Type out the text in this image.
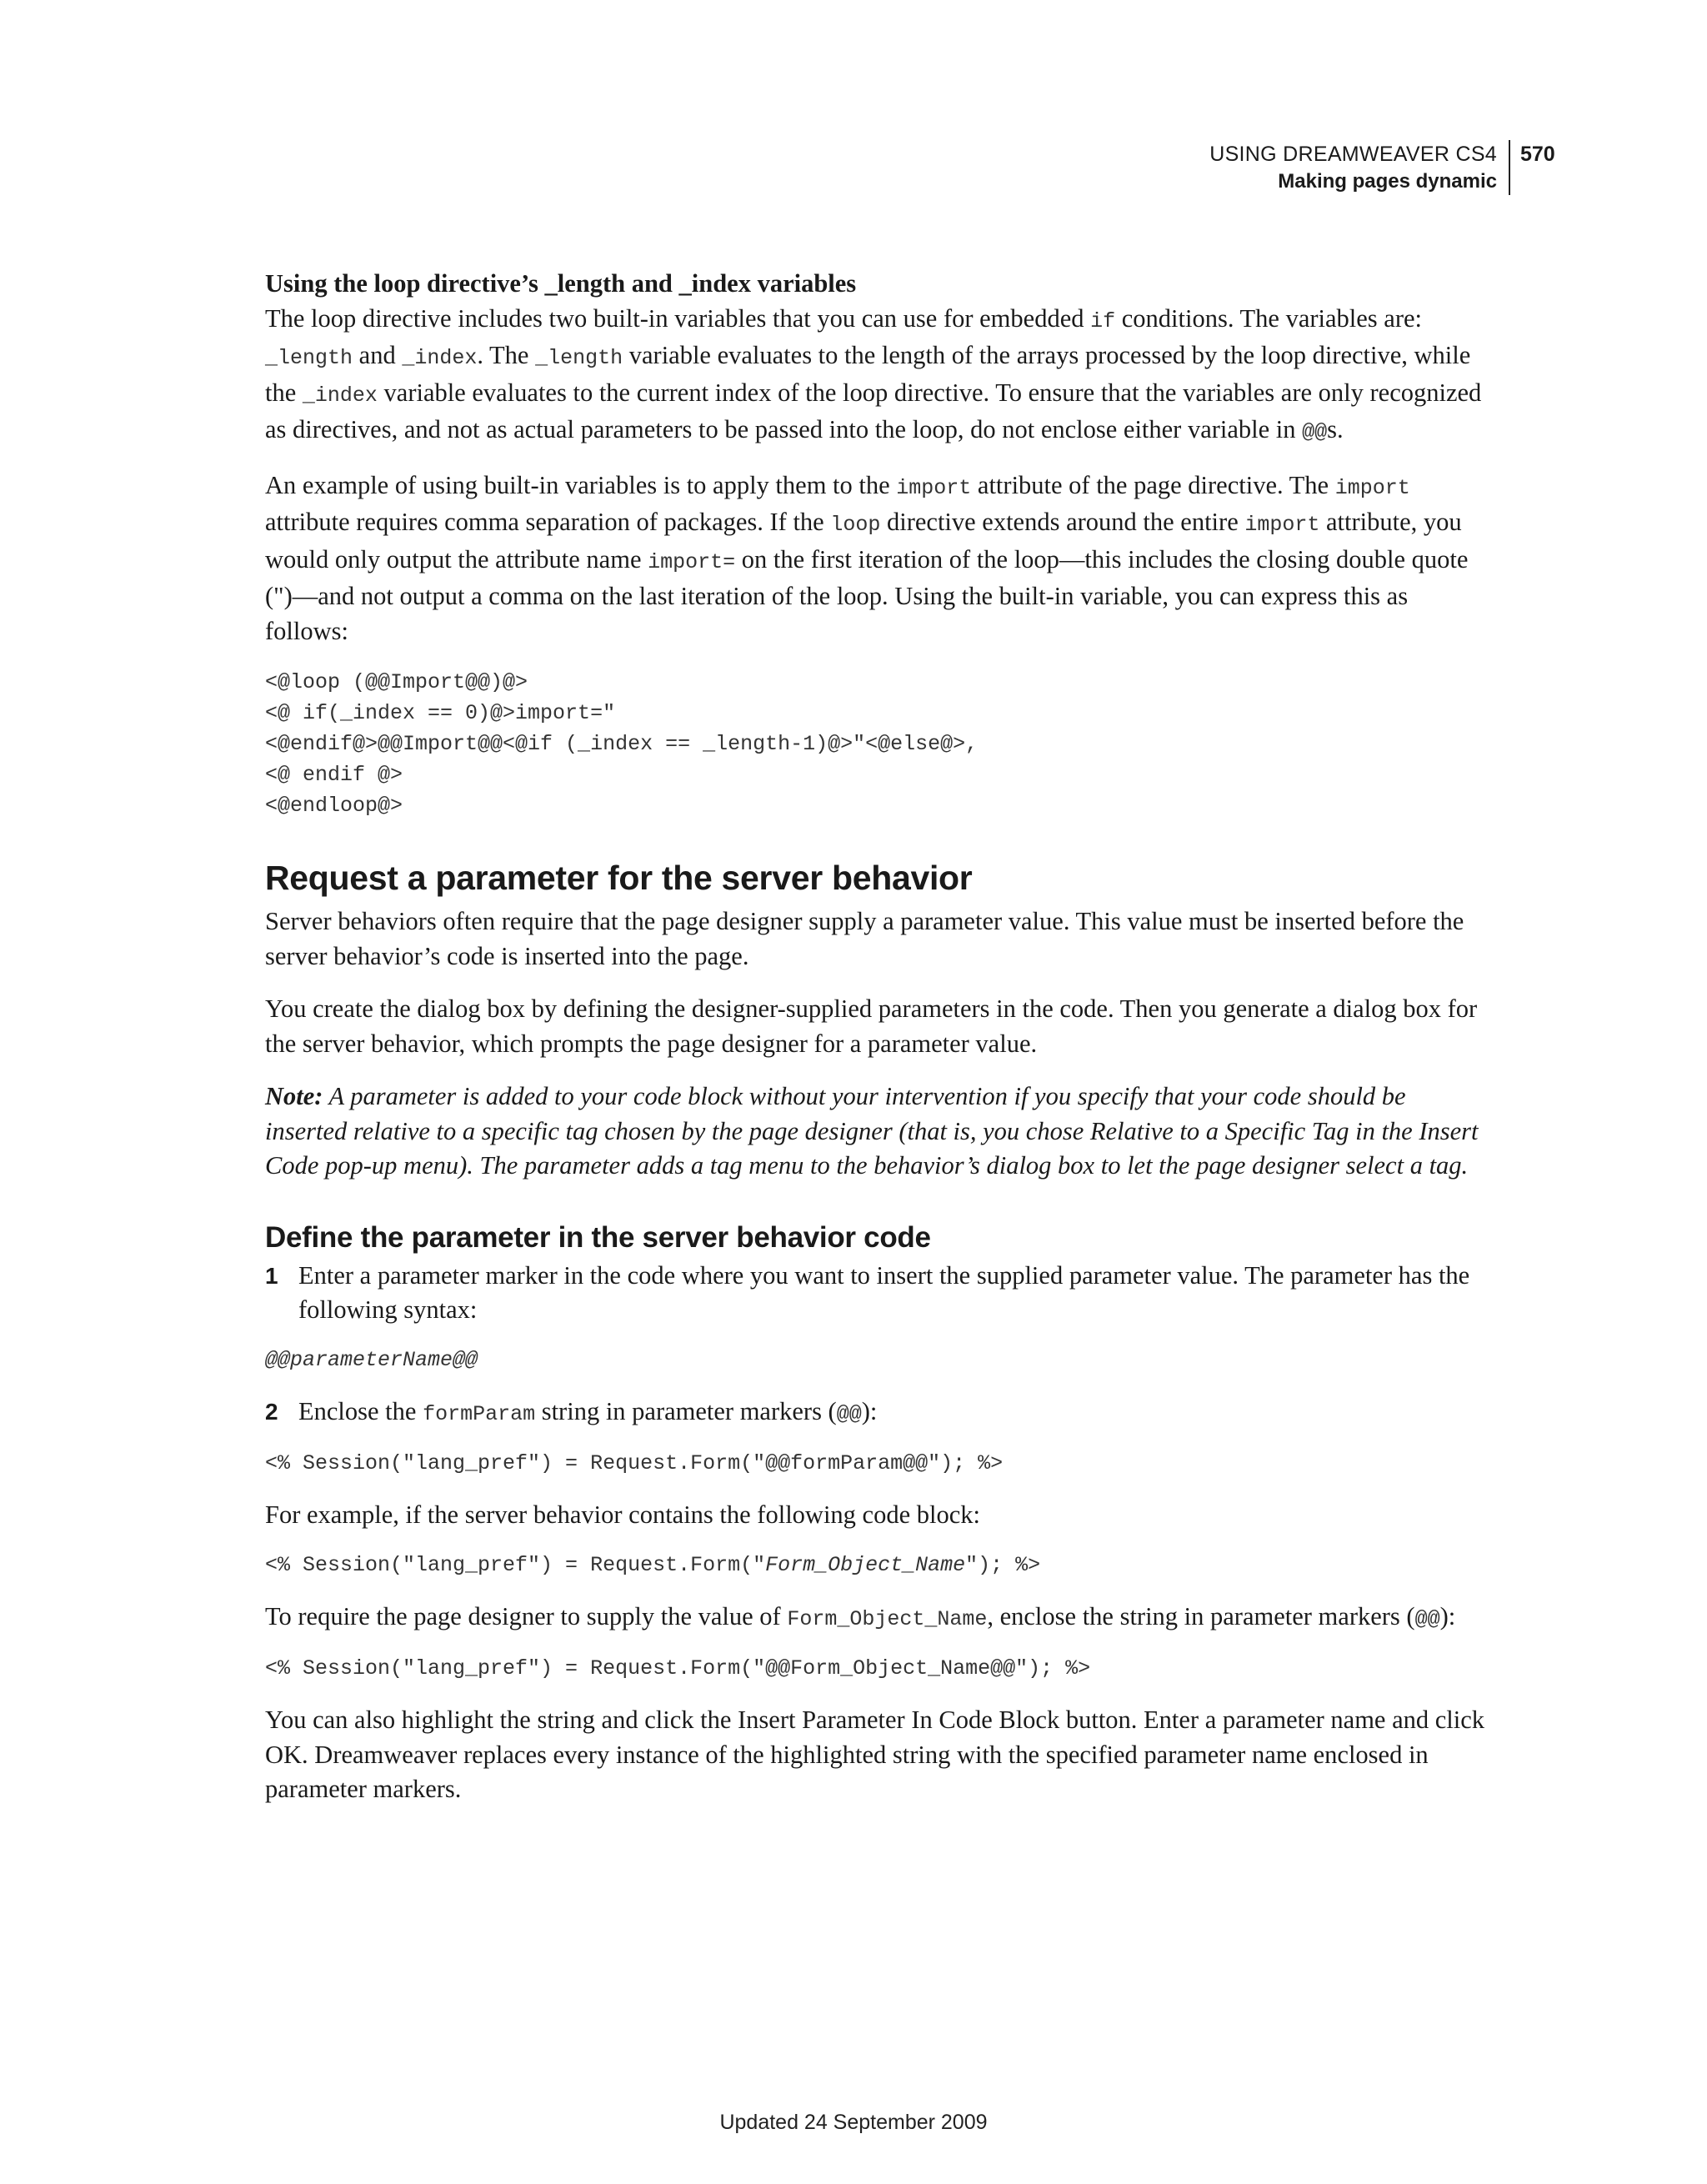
USING DREAMWEAVER CS4
Making pages dynamic
570
Using the loop directive’s _length and _index variables

The loop directive includes two built-in variables that you can use for embedded if conditions. The variables are: _length and _index. The _length variable evaluates to the length of the arrays processed by the loop directive, while the _index variable evaluates to the current index of the loop directive. To ensure that the variables are only recognized as directives, and not as actual parameters to be passed into the loop, do not enclose either variable in @@s.

An example of using built-in variables is to apply them to the import attribute of the page directive. The import attribute requires comma separation of packages. If the loop directive extends around the entire import attribute, you would only output the attribute name import= on the first iteration of the loop—this includes the closing double quote (")—and not output a comma on the last iteration of the loop. Using the built-in variable, you can express this as follows:

<@loop (@@Import@@)@>
<@ if(_index == 0)@>import="
<@endif@>@@Import@@<@if (_index == _length-1)@>"<@else@>,
<@ endif @>
<@endloop@>
Request a parameter for the server behavior

Server behaviors often require that the page designer supply a parameter value. This value must be inserted before the server behavior’s code is inserted into the page.

You create the dialog box by defining the designer-supplied parameters in the code. Then you generate a dialog box for the server behavior, which prompts the page designer for a parameter value.

Note: A parameter is added to your code block without your intervention if you specify that your code should be inserted relative to a specific tag chosen by the page designer (that is, you chose Relative to a Specific Tag in the Insert Code pop-up menu). The parameter adds a tag menu to the behavior’s dialog box to let the page designer select a tag.

Define the parameter in the server behavior code

1 Enter a parameter marker in the code where you want to insert the supplied parameter value. The parameter has the following syntax:

@@parameterName@@

2 Enclose the formParam string in parameter markers (@@):

<% Session("lang_pref") = Request.Form("@@formParam@@"); %>

For example, if the server behavior contains the following code block:

<% Session("lang_pref") = Request.Form("Form_Object_Name"); %>

To require the page designer to supply the value of Form_Object_Name, enclose the string in parameter markers (@@):

<% Session("lang_pref") = Request.Form("@@Form_Object_Name@@"); %>

You can also highlight the string and click the Insert Parameter In Code Block button. Enter a parameter name and click OK. Dreamweaver replaces every instance of the highlighted string with the specified parameter name enclosed in parameter markers.

Updated 24 September 2009
